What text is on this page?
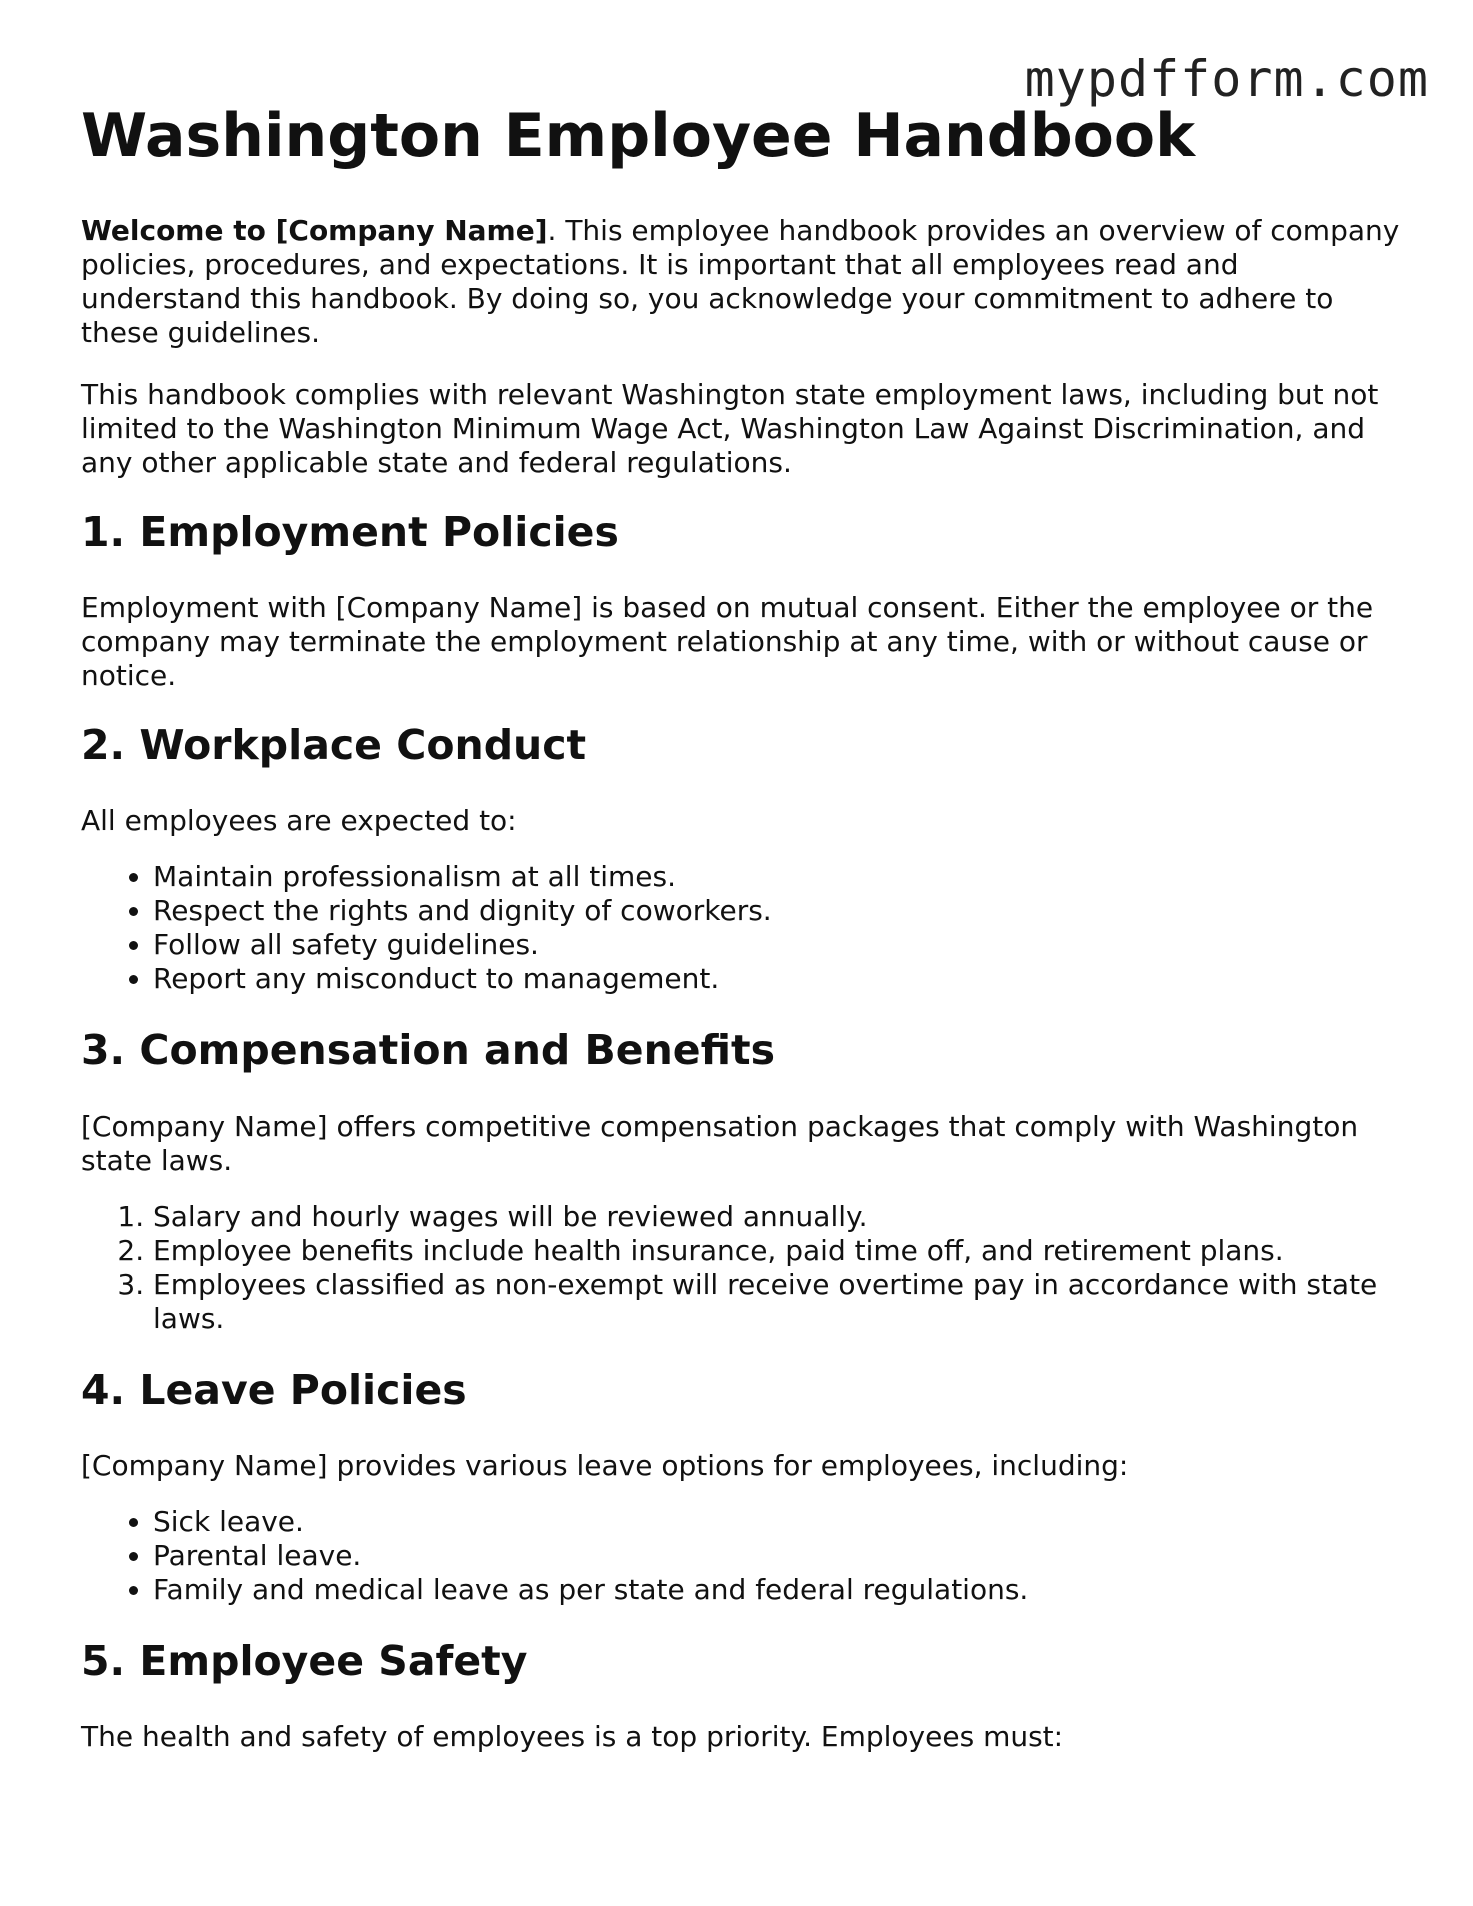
mypdfform.com
Washington Employee Handbook

Welcome to [Company Name]. This employee handbook provides an overview of company policies, procedures, and expectations. It is important that all employees read and understand this handbook. By doing so, you acknowledge your commitment to adhere to these guidelines.

This handbook complies with relevant Washington state employment laws, including but not limited to the Washington Minimum Wage Act, Washington Law Against Discrimination, and any other applicable state and federal regulations.

1. Employment Policies

Employment with [Company Name] is based on mutual consent. Either the employee or the company may terminate the employment relationship at any time, with or without cause or notice.

2. Workplace Conduct

All employees are expected to:

• Maintain professionalism at all times.
• Respect the rights and dignity of coworkers.
• Follow all safety guidelines.
• Report any misconduct to management.
3. Compensation and Benefits

[Company Name] offers competitive compensation packages that comply with Washington state laws.

1. Salary and hourly wages will be reviewed annually.
2. Employee benefits include health insurance, paid time off, and retirement plans.
3. Employees classified as non-exempt will receive overtime pay in accordance with state laws.
4. Leave Policies

[Company Name] provides various leave options for employees, including:

• Sick leave.
• Parental leave.
• Family and medical leave as per state and federal regulations.
5. Employee Safety

The health and safety of employees is a top priority. Employees must:
